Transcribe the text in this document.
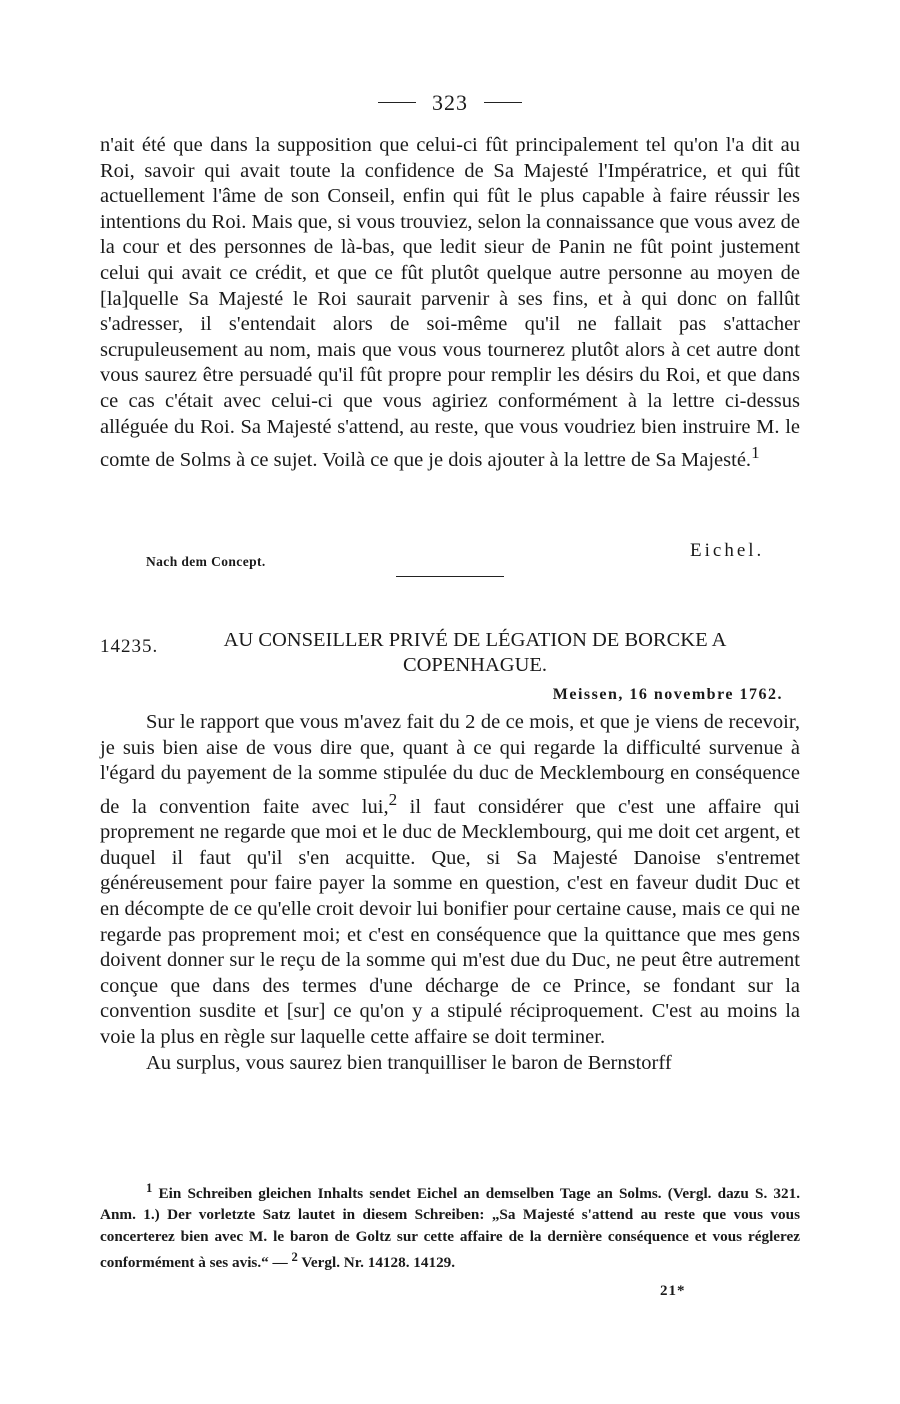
323

n'ait été que dans la supposition que celui-ci fût principalement tel qu'on l'a dit au Roi, savoir qui avait toute la confidence de Sa Majesté l'Impératrice, et qui fût actuellement l'âme de son Conseil, enfin qui fût le plus capable à faire réussir les intentions du Roi. Mais que, si vous trouviez, selon la connaissance que vous avez de la cour et des personnes de là-bas, que ledit sieur de Panin ne fût point justement celui qui avait ce crédit, et que ce fût plutôt quelque autre personne au moyen de [la]quelle Sa Majesté le Roi saurait parvenir à ses fins, et à qui donc on fallût s'adresser, il s'entendait alors de soi-même qu'il ne fallait pas s'attacher scrupuleusement au nom, mais que vous vous tournerez plutôt alors à cet autre dont vous saurez être persuadé qu'il fût propre pour remplir les désirs du Roi, et que dans ce cas c'était avec celui-ci que vous agiriez conformément à la lettre ci-dessus alléguée du Roi. Sa Majesté s'attend, au reste, que vous voudriez bien instruire M. le comte de Solms à ce sujet. Voilà ce que je dois ajouter à la lettre de Sa Majesté.$^1$

Nach dem Concept.
Eichel.
14235.	AU CONSEILLER PRIVÉ DE LÉGATION DE BORCKE A COPENHAGUE.
Meissen, 16 novembre 1762.

Sur le rapport que vous m'avez fait du 2 de ce mois, et que je viens de recevoir, je suis bien aise de vous dire que, quant à ce qui regarde la difficulté survenue à l'égard du payement de la somme stipulée du duc de Mecklembourg en conséquence de la convention faite avec lui,$^2$ il faut considérer que c'est une affaire qui proprement ne regarde que moi et le duc de Mecklembourg, qui me doit cet argent, et duquel il faut qu'il s'en acquitte. Que, si Sa Majesté Danoise s'entremet généreusement pour faire payer la somme en question, c'est en faveur dudit Duc et en décompte de ce qu'elle croit devoir lui bonifier pour certaine cause, mais ce qui ne regarde pas proprement moi; et c'est en conséquence que la quittance que mes gens doivent donner sur le reçu de la somme qui m'est due du Duc, ne peut être autrement conçue que dans des termes d'une décharge de ce Prince, se fondant sur la convention susdite et [sur] ce qu'on y a stipulé réciproquement. C'est au moins la voie la plus en règle sur laquelle cette affaire se doit terminer.

Au surplus, vous saurez bien tranquilliser le baron de Bernstorff

$^1$ Ein Schreiben gleichen Inhalts sendet Eichel an demselben Tage an Solms. (Vergl. dazu S. 321. Anm. 1.) Der vorletzte Satz lautet in diesem Schreiben: „Sa Majesté s'attend au reste que vous vous concerterez bien avec M. le baron de Goltz sur cette affaire de la dernière conséquence et vous réglerez conformément à ses avis.“ — $^2$ Vergl. Nr. 14128. 14129.

21*
